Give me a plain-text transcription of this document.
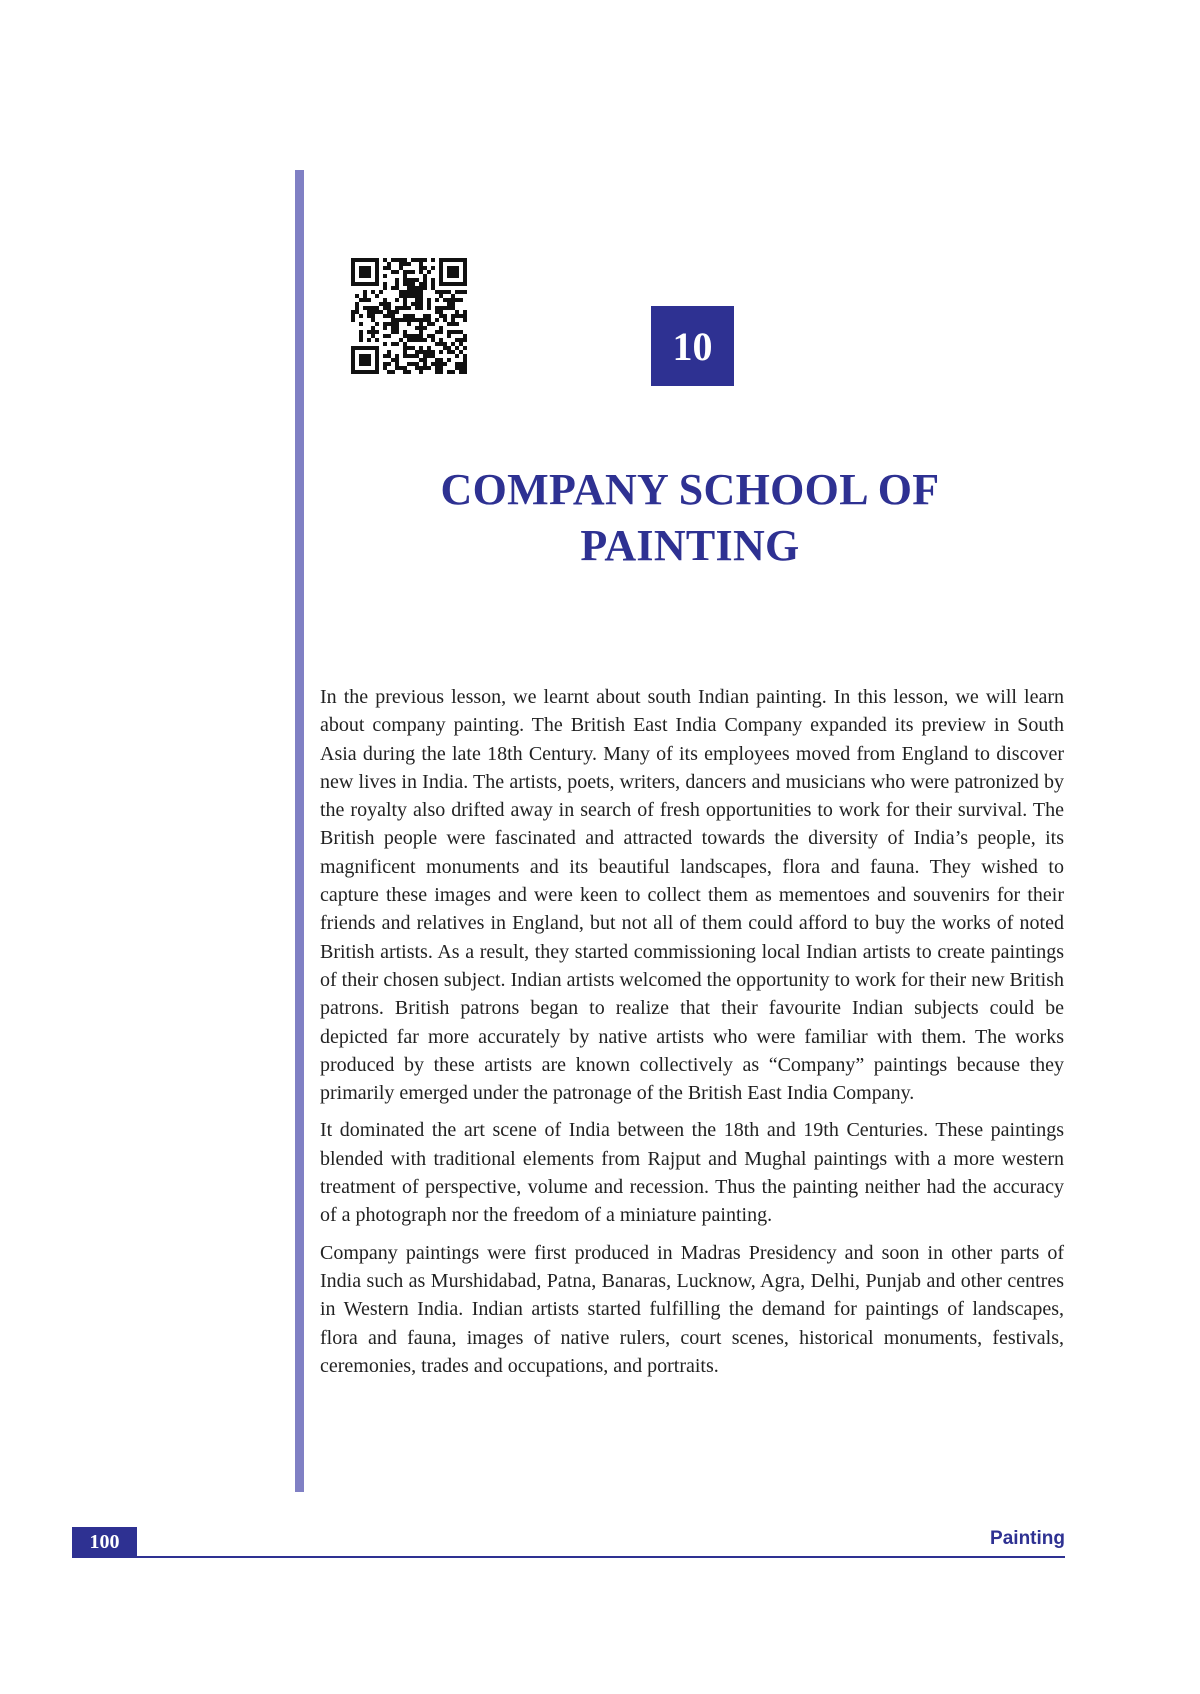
10
COMPANY SCHOOL OF
PAINTING

In the previous lesson, we learnt about south Indian painting. In this lesson, we will learn about company painting. The British East India Company expanded its preview in South Asia during the late 18th Century. Many of its employees moved from England to discover new lives in India. The artists, poets, writers, dancers and musicians who were patronized by the royalty also drifted away in search of fresh opportunities to work for their survival. The British people were fascinated and attracted towards the diversity of India’s people, its magnificent monuments and its beautiful landscapes, flora and fauna. They wished to capture these images and were keen to collect them as mementoes and souvenirs for their friends and relatives in England, but not all of them could afford to buy the works of noted British artists. As a result, they started commissioning local Indian artists to create paintings of their chosen subject. Indian artists welcomed the opportunity to work for their new British patrons. British patrons began to realize that their favourite Indian subjects could be depicted far more accurately by native artists who were familiar with them. The works produced by these artists are known collectively as “Company” paintings because they primarily emerged under the patronage of the British East India Company.

It dominated the art scene of India between the 18th and 19th Centuries. These paintings blended with traditional elements from Rajput and Mughal paintings with a more western treatment of perspective, volume and recession. Thus the painting neither had the accuracy of a photograph nor the freedom of a miniature painting.

Company paintings were first produced in Madras Presidency and soon in other parts of India such as Murshidabad, Patna, Banaras, Lucknow, Agra, Delhi, Punjab and other centres in Western India. Indian artists started fulfilling the demand for paintings of landscapes, flora and fauna, images of native rulers, court scenes, historical monuments, festivals, ceremonies, trades and occupations, and portraits.

100	Painting
